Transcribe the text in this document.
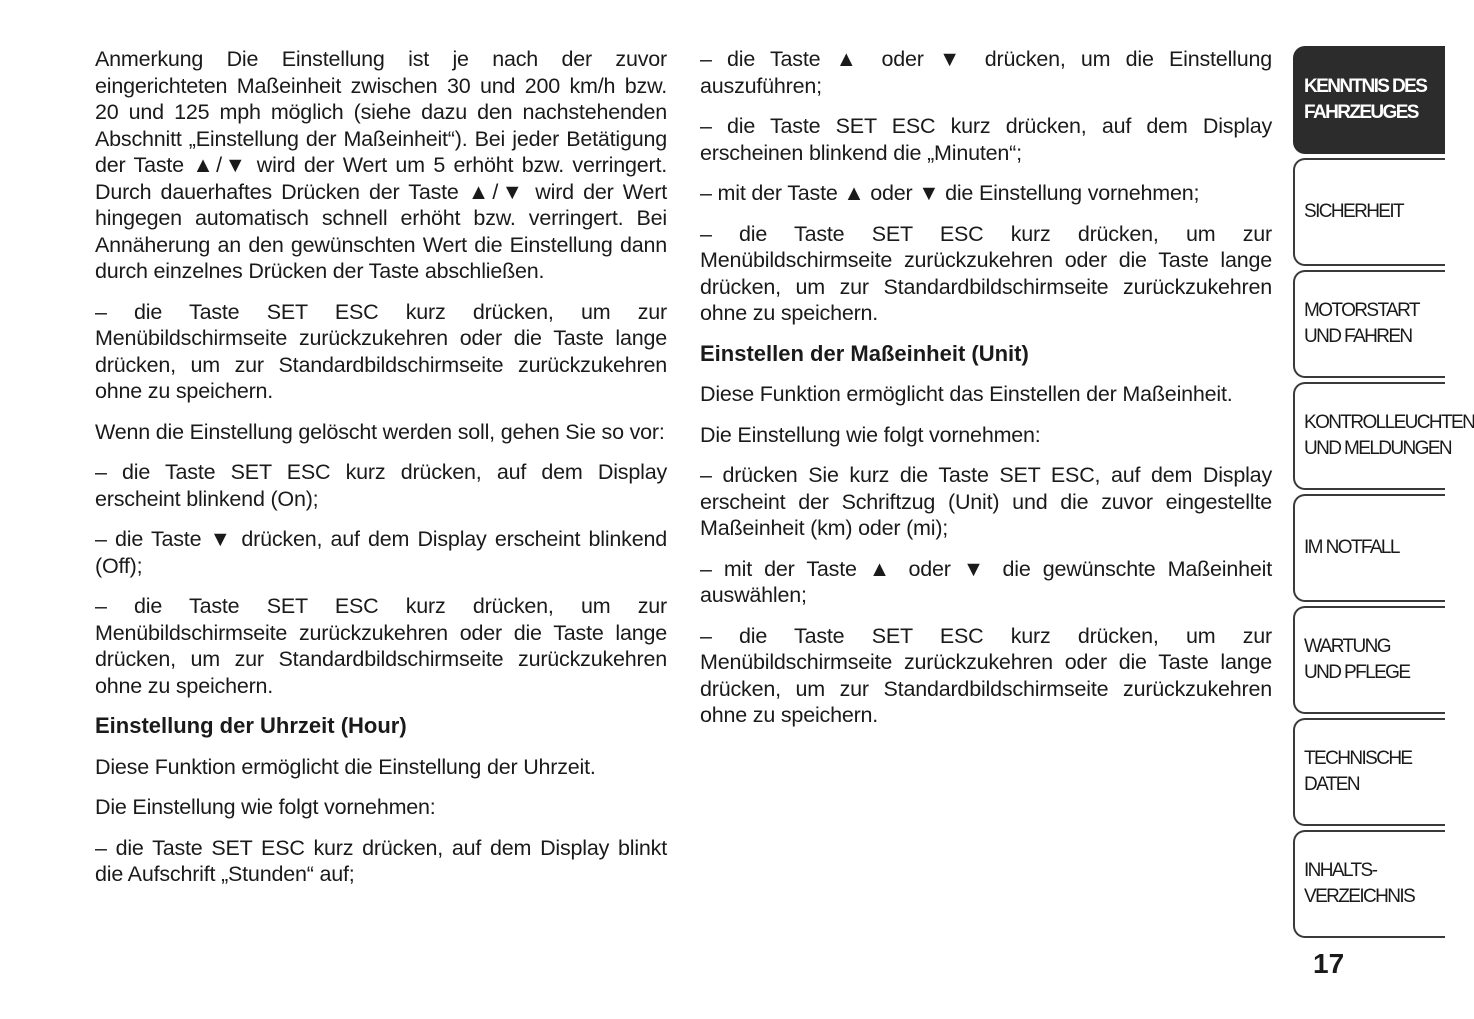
Anmerkung Die Einstellung ist je nach der zuvor eingerichteten Maßeinheit zwischen 30 und 200 km/h bzw. 20 und 125 mph möglich (siehe dazu den nachstehenden Abschnitt „Einstellung der Maßeinheit“). Bei jeder Betätigung der Taste ▲/▼ wird der Wert um 5 erhöht bzw. verringert. Durch dauerhaftes Drücken der Taste ▲/▼ wird der Wert hingegen automatisch schnell erhöht bzw. verringert. Bei Annäherung an den gewünschten Wert die Einstellung dann durch einzelnes Drücken der Taste abschließen.

– die Taste SET ESC kurz drücken, um zur Menübildschirmseite zurückzukehren oder die Taste lange drücken, um zur Standardbildschirmseite zurückzukehren ohne zu speichern.

Wenn die Einstellung gelöscht werden soll, gehen Sie so vor:

– die Taste SET ESC kurz drücken, auf dem Display erscheint blinkend (On);

– die Taste ▼ drücken, auf dem Display erscheint blinkend (Off);

– die Taste SET ESC kurz drücken, um zur Menübildschirmseite zurückzukehren oder die Taste lange drücken, um zur Standardbildschirmseite zurückzukehren ohne zu speichern.

Einstellung der Uhrzeit (Hour)

Diese Funktion ermöglicht die Einstellung der Uhrzeit.

Die Einstellung wie folgt vornehmen:

– die Taste SET ESC kurz drücken, auf dem Display blinkt die Aufschrift „Stunden“ auf;

– die Taste ▲ oder ▼ drücken, um die Einstellung auszuführen;

– die Taste SET ESC kurz drücken, auf dem Display erscheinen blinkend die „Minuten“;

– mit der Taste ▲ oder ▼ die Einstellung vornehmen;

– die Taste SET ESC kurz drücken, um zur Menübildschirmseite zurückzukehren oder die Taste lange drücken, um zur Standardbildschirmseite zurückzukehren ohne zu speichern.

Einstellen der Maßeinheit (Unit)

Diese Funktion ermöglicht das Einstellen der Maßeinheit.

Die Einstellung wie folgt vornehmen:

– drücken Sie kurz die Taste SET ESC, auf dem Display erscheint der Schriftzug (Unit) und die zuvor eingestellte Maßeinheit (km) oder (mi);

– mit der Taste ▲ oder ▼ die gewünschte Maßeinheit auswählen;

– die Taste SET ESC kurz drücken, um zur Menübildschirmseite zurückzukehren oder die Taste lange drücken, um zur Standardbildschirmseite zurückzukehren ohne zu speichern.

KENNTNIS DES
FAHRZEUGES
SICHERHEIT
MOTORSTART
UND FAHREN
KONTROLLEUCHTEN
UND MELDUNGEN
IM NOTFALL
WARTUNG
UND PFLEGE
TECHNISCHE DATEN
INHALTS-
VERZEICHNIS
17
